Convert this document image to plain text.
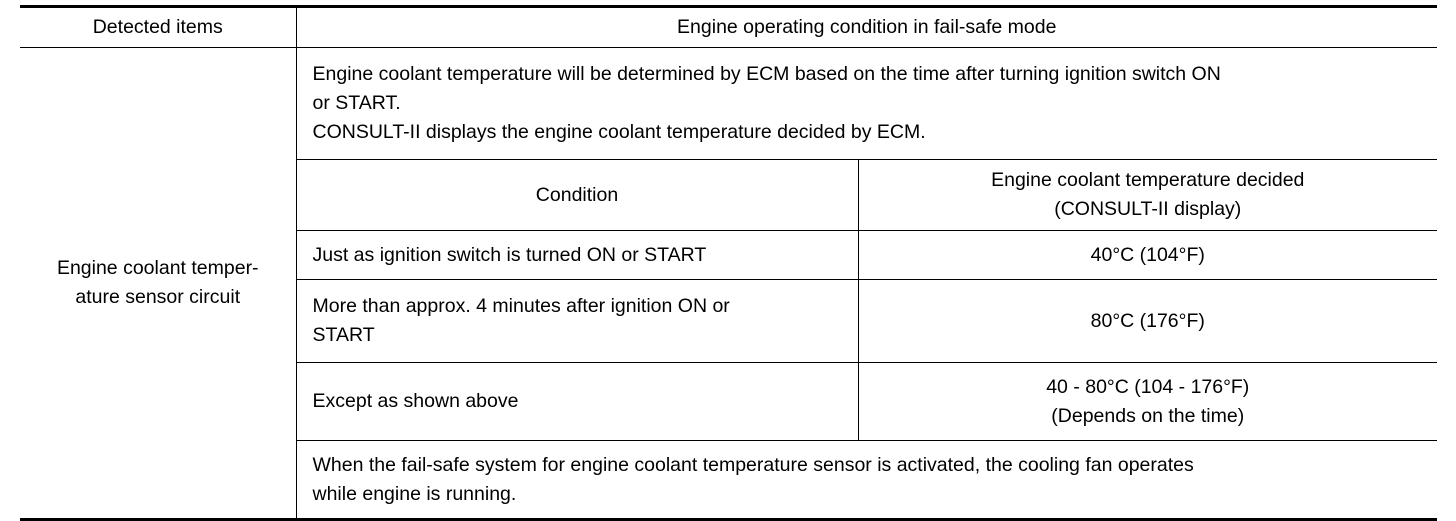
Detected items	Engine operating condition in fail-safe mode	

Engine coolant temper-
ature sensor circuit	Engine coolant temperature will be determined by ECM based on the time after turning ignition switch ON
or START.
CONSULT-II displays the engine coolant temperature decided by ECM.	

	Condition	Engine coolant temperature decided
(CONSULT-II display)

	Just as ignition switch is turned ON or START	40°C (104°F)

	More than approx. 4 minutes after ignition ON or
START	80°C (176°F)

	Except as shown above	40 - 80°C (104 - 176°F)
(Depends on the time)

	When the fail-safe system for engine coolant temperature sensor is activated, the cooling fan operates
while engine is running.	
